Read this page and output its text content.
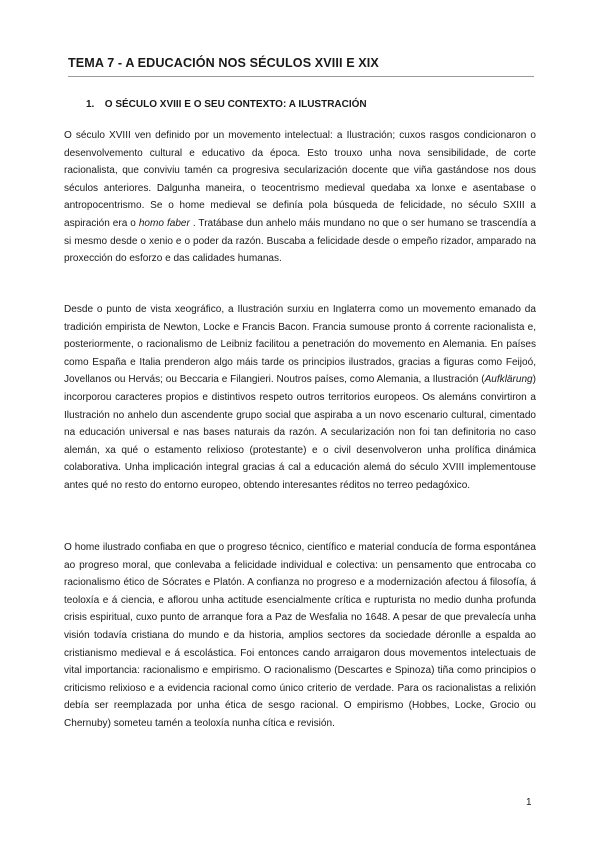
TEMA 7 - A EDUCACIÓN NOS SÉCULOS XVIII E XIX
1. O SÉCULO XVIII E O SEU CONTEXTO: A ILUSTRACIÓN

O século XVIII ven definido por un movemento intelectual: a Ilustración; cuxos rasgos condicionaron o desenvolvemento cultural e educativo da época. Esto trouxo unha nova sensibilidade, de corte racionalista, que conviviu tamén ca progresiva secularización docente que viña gastándose nos dous séculos anteriores. Dalgunha maneira, o teocentrismo medieval quedaba xa lonxe e asentabase o antropocentrismo. Se o home medieval se definía pola búsqueda de felicidade, no século SXIII a aspiración era o homo faber . Tratábase dun anhelo máis mundano no que o ser humano se trascendía a si mesmo desde o xenio e o poder da razón. Buscaba a felicidade desde o empeño rizador, amparado na proxección do esforzo e das calidades humanas.

Desde o punto de vista xeográfico, a Ilustración surxiu en Inglaterra como un movemento emanado da tradición empirista de Newton, Locke e Francis Bacon. Francia sumouse pronto á corrente racionalista e, posteriormente, o racionalismo de Leibniz facilitou a penetración do movemento en Alemania. En países como España e Italia prenderon algo máis tarde os principios ilustrados, gracias a figuras como Feijoó, Jovellanos ou Hervás; ou Beccaria e Filangieri. Noutros países, como Alemania, a Ilustración (Aufklärung) incorporou caracteres propios e distintivos respeto outros territorios europeos. Os alemáns convirtiron a Ilustración no anhelo dun ascendente grupo social que aspiraba a un novo escenario cultural, cimentado na educación universal e nas bases naturais da razón. A secularización non foi tan definitoria no caso alemán, xa qué o estamento relixioso (protestante) e o civil desenvolveron unha prolífica dinámica colaborativa. Unha implicación integral gracias á cal a educación alemá do século XVIII implementouse antes qué no resto do entorno europeo, obtendo interesantes réditos no terreo pedagóxico.

O home ilustrado confiaba en que o progreso técnico, científico e material conducía de forma espontánea ao progreso moral, que conlevaba a felicidade individual e colectiva: un pensamento que entrocaba co racionalismo ético de Sócrates e Platón. A confianza no progreso e a modernización afectou á filosofía, á teoloxía e á ciencia, e aflorou unha actitude esencialmente crítica e rupturista no medio dunha profunda crisis espiritual, cuxo punto de arranque fora a Paz de Wesfalia no 1648. A pesar de que prevalecía unha visión todavía cristiana do mundo e da historia, amplios sectores da sociedade déronlle a espalda ao cristianismo medieval e á escolástica. Foi entonces cando arraigaron dous movementos intelectuais de vital importancia: racionalismo e empirismo. O racionalismo (Descartes e Spinoza) tiña como principios o criticismo relixioso e a evidencia racional como único criterio de verdade. Para os racionalistas a relixión debía ser reemplazada por unha ética de sesgo racional. O empirismo (Hobbes, Locke, Grocio ou Chernuby) someteu tamén a teoloxía nunha cítica e revisión.

1
